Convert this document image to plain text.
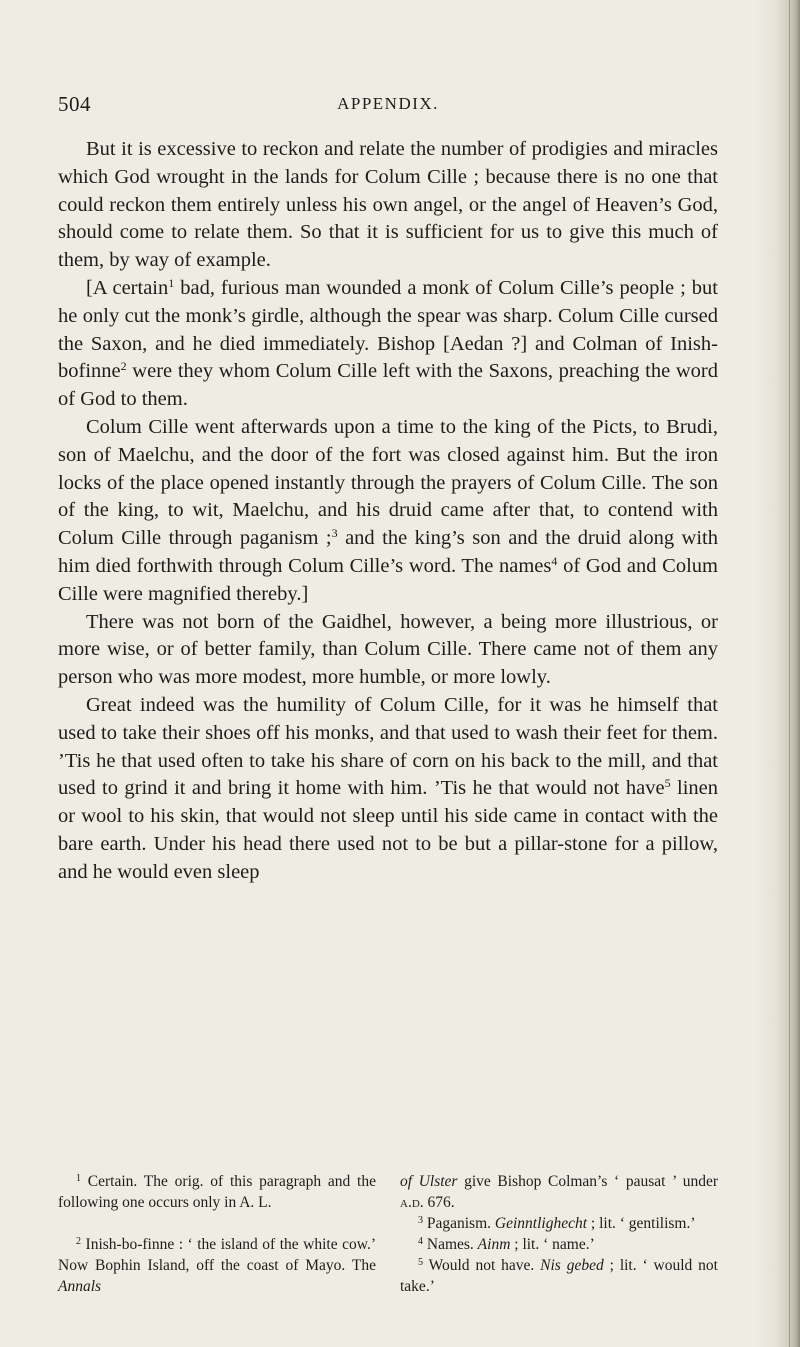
504	APPENDIX.

But it is excessive to reckon and relate the number of prodigies and miracles which God wrought in the lands for Colum Cille ; because there is no one that could reckon them entirely unless his own angel, or the angel of Heaven’s God, should come to relate them. So that it is sufficient for us to give this much of them, by way of example.

[A certain$^1$ bad, furious man wounded a monk of Colum Cille’s people ; but he only cut the monk’s girdle, although the spear was sharp. Colum Cille cursed the Saxon, and he died immediately. Bishop [Aedan ?] and Colman of Inish-bofinne$^2$ were they whom Colum Cille left with the Saxons, preaching the word of God to them.

Colum Cille went afterwards upon a time to the king of the Picts, to Brudi, son of Maelchu, and the door of the fort was closed against him. But the iron locks of the place opened instantly through the prayers of Colum Cille. The son of the king, to wit, Maelchu, and his druid came after that, to contend with Colum Cille through paganism ;$^3$ and the king’s son and the druid along with him died forthwith through Colum Cille’s word. The names$^4$ of God and Colum Cille were magnified thereby.]

There was not born of the Gaidhel, however, a being more illustrious, or more wise, or of better family, than Colum Cille. There came not of them any person who was more modest, more humble, or more lowly.

Great indeed was the humility of Colum Cille, for it was he himself that used to take their shoes off his monks, and that used to wash their feet for them. ’Tis he that used often to take his share of corn on his back to the mill, and that used to grind it and bring it home with him. ’Tis he that would not have$^5$ linen or wool to his skin, that would not sleep until his side came in contact with the bare earth. Under his head there used not to be but a pillar-stone for a pillow, and he would even sleep

$^1$ Certain. The orig. of this paragraph and the following one occurs only in A. L.

$^2$ Inish-bo-finne : ‘ the island of the white cow.’ Now Bophin Island, off the coast of Mayo. The Annals

of Ulster give Bishop Colman’s ‘ pausat ’ under a.d. 676.

$^3$ Paganism. Geinntlighecht ; lit. ‘ gentilism.’

$^4$ Names. Ainm ; lit. ‘ name.’

$^5$ Would not have. Nis gebed ; lit. ‘ would not take.’
